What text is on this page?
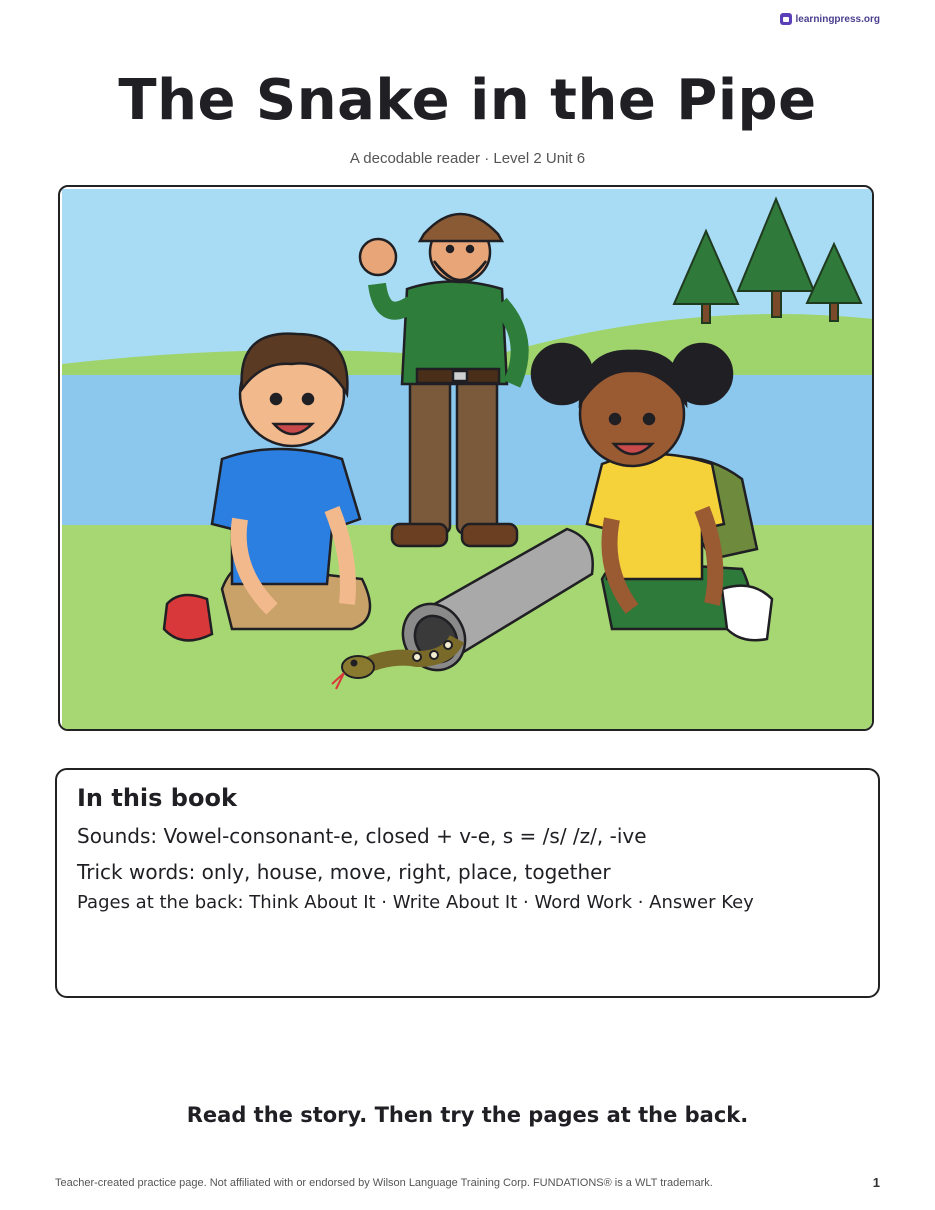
learningpress.org
The Snake in the Pipe
A decodable reader · Level 2 Unit 6
In this book
Sounds: Vowel-consonant-e, closed + v-e, s = /s/ /z/, -ive
Trick words: only, house, move, right, place, together
Pages at the back: Think About It · Write About It · Word Work · Answer Key
Read the story. Then try the pages at the back.
Teacher-created practice page. Not affiliated with or endorsed by Wilson Language Training Corp. FUNDATIONS® is a WLT trademark.	1
